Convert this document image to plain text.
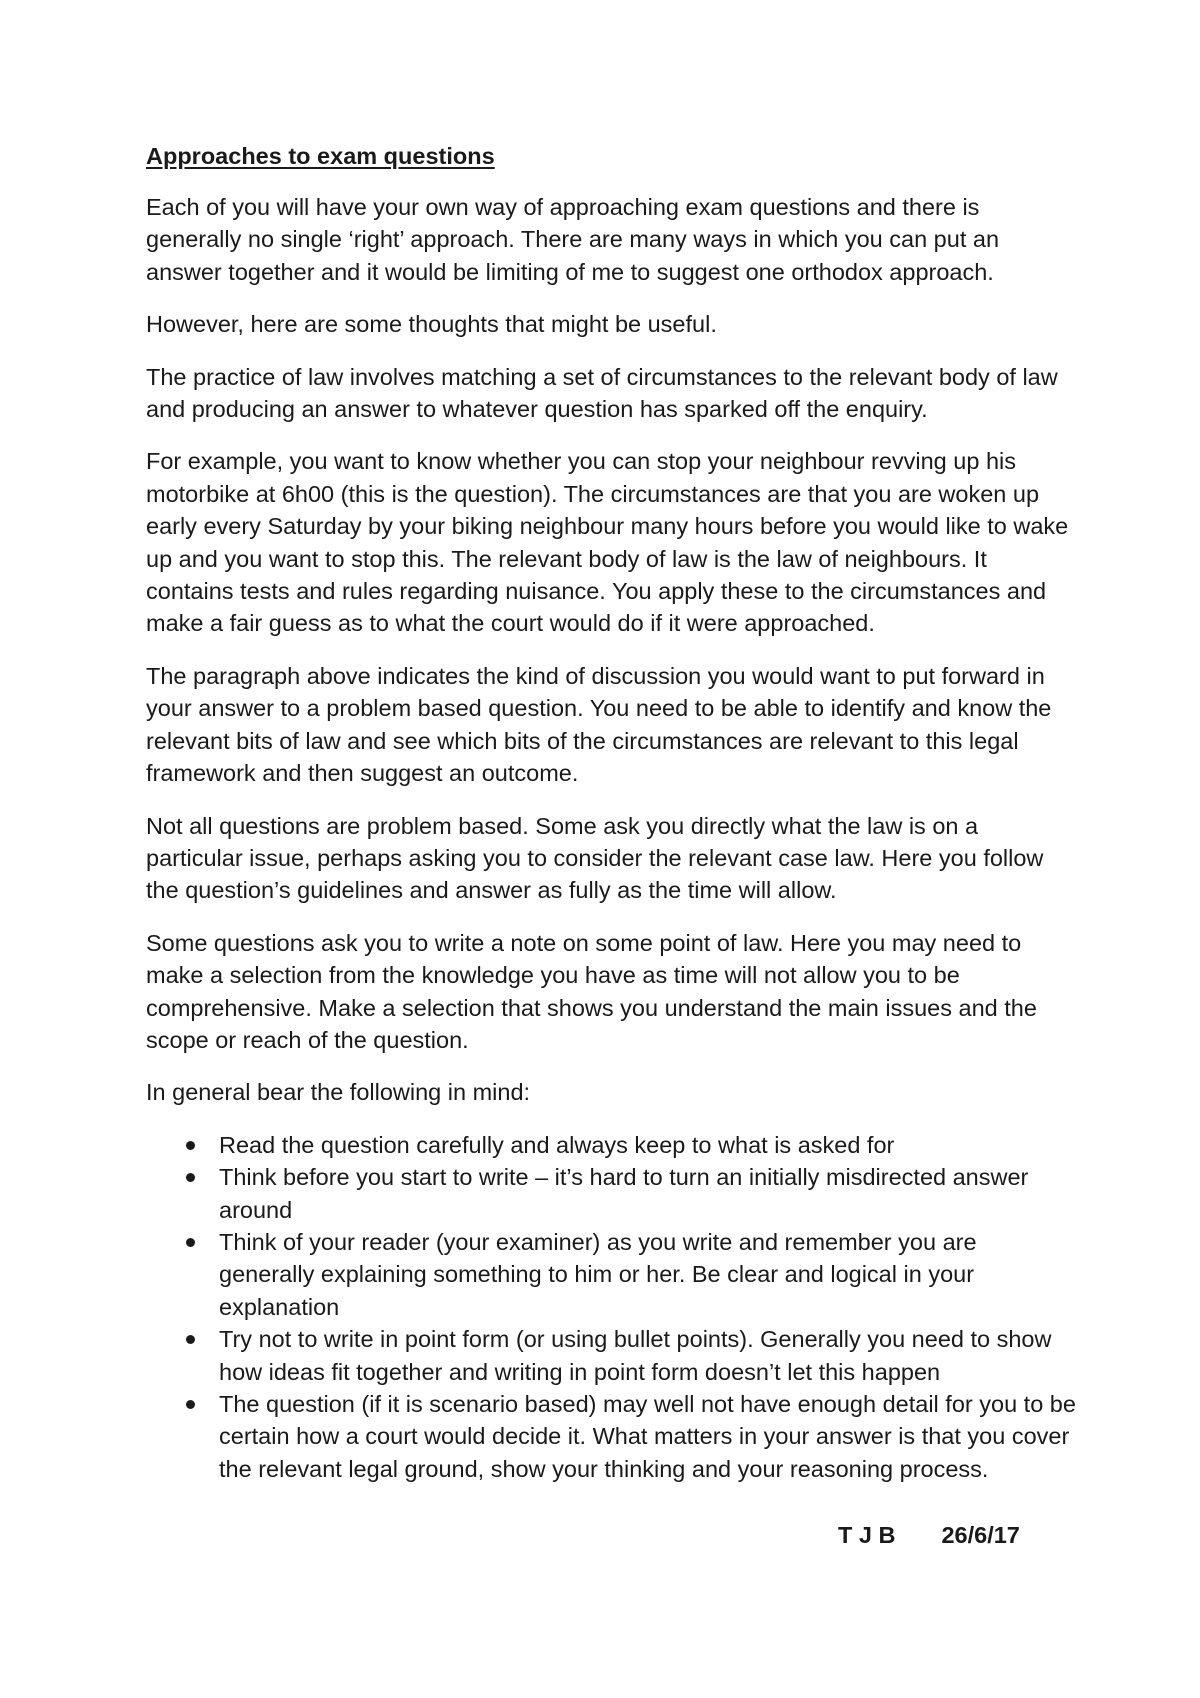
Approaches to exam questions

Each of you will have your own way of approaching exam questions and there is generally no single ‘right’ approach. There are many ways in which you can put an answer together and it would be limiting of me to suggest one orthodox approach.

However, here are some thoughts that might be useful.

The practice of law involves matching a set of circumstances to the relevant body of law and producing an answer to whatever question has sparked off the enquiry.

For example, you want to know whether you can stop your neighbour revving up his motorbike at 6h00 (this is the question). The circumstances are that you are woken up early every Saturday by your biking neighbour many hours before you would like to wake up and you want to stop this. The relevant body of law is the law of neighbours. It contains tests and rules regarding nuisance. You apply these to the circumstances and make a fair guess as to what the court would do if it were approached.

The paragraph above indicates the kind of discussion you would want to put forward in your answer to a problem based question. You need to be able to identify and know the relevant bits of law and see which bits of the circumstances are relevant to this legal framework and then suggest an outcome.

Not all questions are problem based. Some ask you directly what the law is on a particular issue, perhaps asking you to consider the relevant case law. Here you follow the question’s guidelines and answer as fully as the time will allow.

Some questions ask you to write a note on some point of law. Here you may need to make a selection from the knowledge you have as time will not allow you to be comprehensive. Make a selection that shows you understand the main issues and the scope or reach of the question.

In general bear the following in mind:

Read the question carefully and always keep to what is asked for
Think before you start to write – it’s hard to turn an initially misdirected answer around
Think of your reader (your examiner) as you write and remember you are generally explaining something to him or her. Be clear and logical in your explanation
Try not to write in point form (or using bullet points). Generally you need to show how ideas fit together and writing in point form doesn’t let this happen
The question (if it is scenario based) may well not have enough detail for you to be certain how a court would decide it. What matters in your answer is that you cover the relevant legal ground, show your thinking and your reasoning process.
T J B 26/6/17
